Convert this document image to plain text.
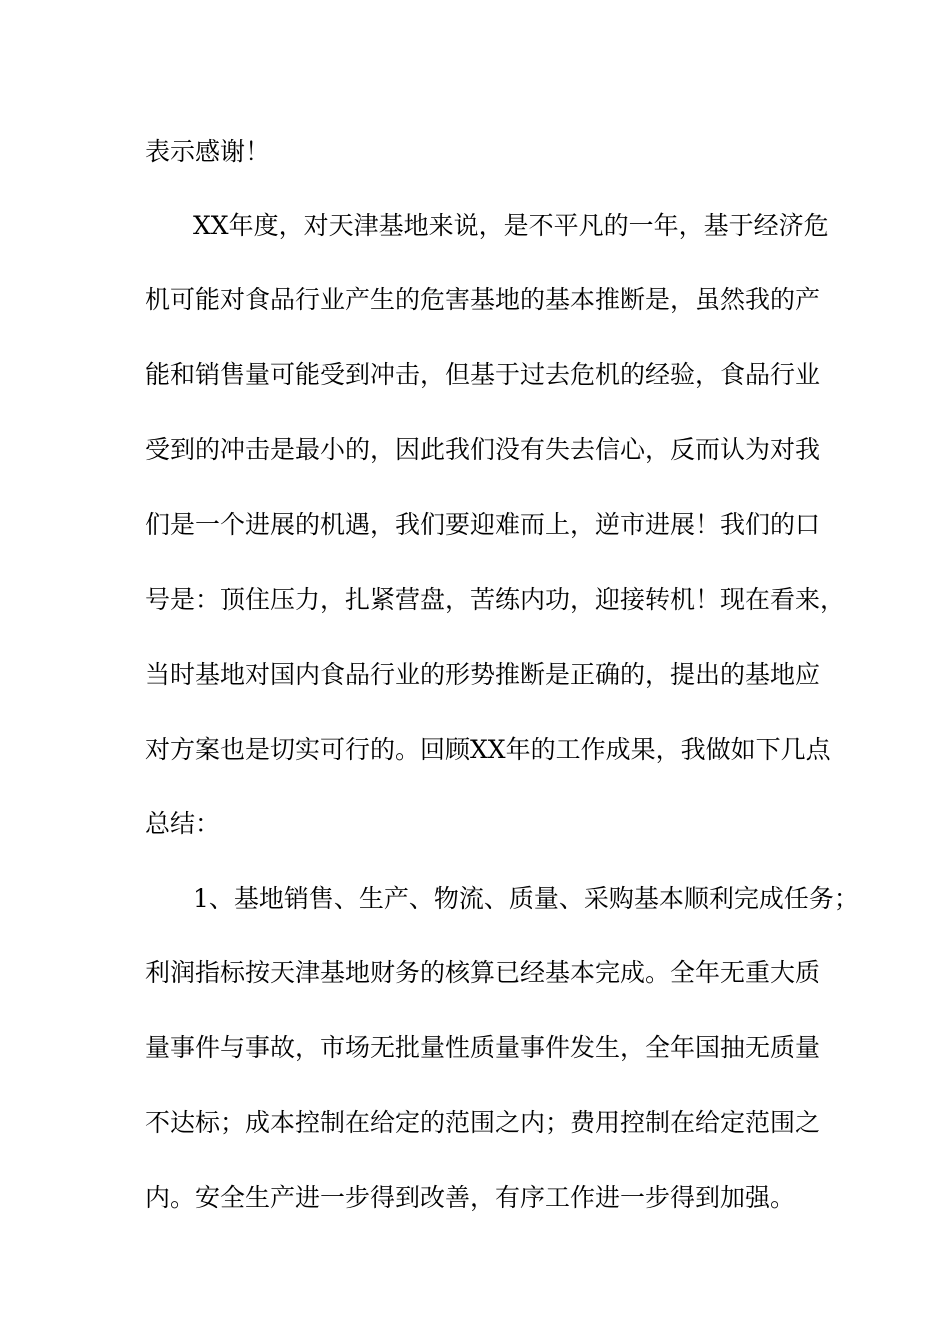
表示感谢！

XX年度，对天津基地来说，是不平凡的一年，基于经济危

机可能对食品行业产生的危害基地的基本推断是，虽然我的产

能和销售量可能受到冲击，但基于过去危机的经验，食品行业

受到的冲击是最小的，因此我们没有失去信心，反而认为对我

们是一个进展的机遇，我们要迎难而上，逆市进展！我们的口

号是：顶住压力，扎紧营盘，苦练内功，迎接转机！现在看来，

当时基地对国内食品行业的形势推断是正确的，提出的基地应

对方案也是切实可行的。回顾XX年的工作成果，我做如下几点

总结：

1、基地销售、生产、物流、质量、采购基本顺利完成任务；

利润指标按天津基地财务的核算已经基本完成。全年无重大质

量事件与事故，市场无批量性质量事件发生，全年国抽无质量

不达标；成本控制在给定的范围之内；费用控制在给定范围之

内。安全生产进一步得到改善，有序工作进一步得到加强。
